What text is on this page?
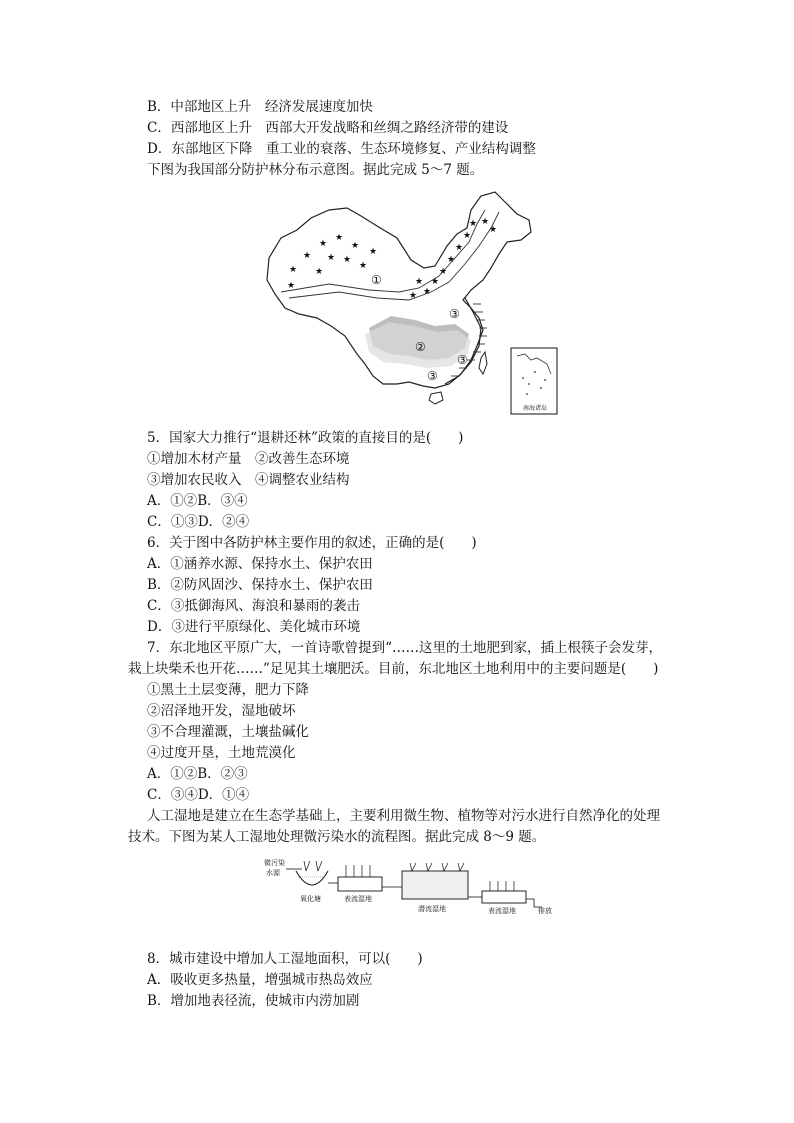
B．中部地区上升　经济发展速度加快
C．西部地区上升　西部大开发战略和丝绸之路经济带的建设
D．东部地区下降　重工业的衰落、生态环境修复、产业结构调整
下图为我国部分防护林分布示意图。据此完成 5～7 题。
★
★
★
★ ★ ★
★
★ ★
★
★
★ ★
★
★
★
★
★
★ ★
★
★
①
②
③
③
③
南海诸岛
5．国家大力推行“退耕还林”政策的直接目的是(　　)
①增加木材产量　②改善生态环境
③增加农民收入　④调整农业结构
A．①②B．③④
C．①③D．②④
6．关于图中各防护林主要作用的叙述，正确的是(　　)
A．①涵养水源、保持水土、保护农田
B．②防风固沙、保持水土、保护农田
C．③抵御海风、海浪和暴雨的袭击
D．③进行平原绿化、美化城市环境
7．东北地区平原广大，一首诗歌曾提到“……这里的土地肥到家，插上根筷子会发芽，
栽上块柴禾也开花……”足见其土壤肥沃。目前，东北地区土地利用中的主要问题是(　　)
①黑土土层变薄，肥力下降
②沼泽地开发，湿地破坏
③不合理灌溉，土壤盐碱化
④过度开垦，土地荒漠化
A．①②B．②③
C．③④D．①④
人工湿地是建立在生态学基础上，主要利用微生物、植物等对污水进行自然净化的处理
技术。下图为某人工湿地处理微污染水的流程图。据此完成 8～9 题。
微污染
水源
氧化塘	表流湿地
潜流湿地	表流湿地	排放
8．城市建设中增加人工湿地面积，可以(　　)
A．吸收更多热量，增强城市热岛效应
B．增加地表径流，使城市内涝加剧
